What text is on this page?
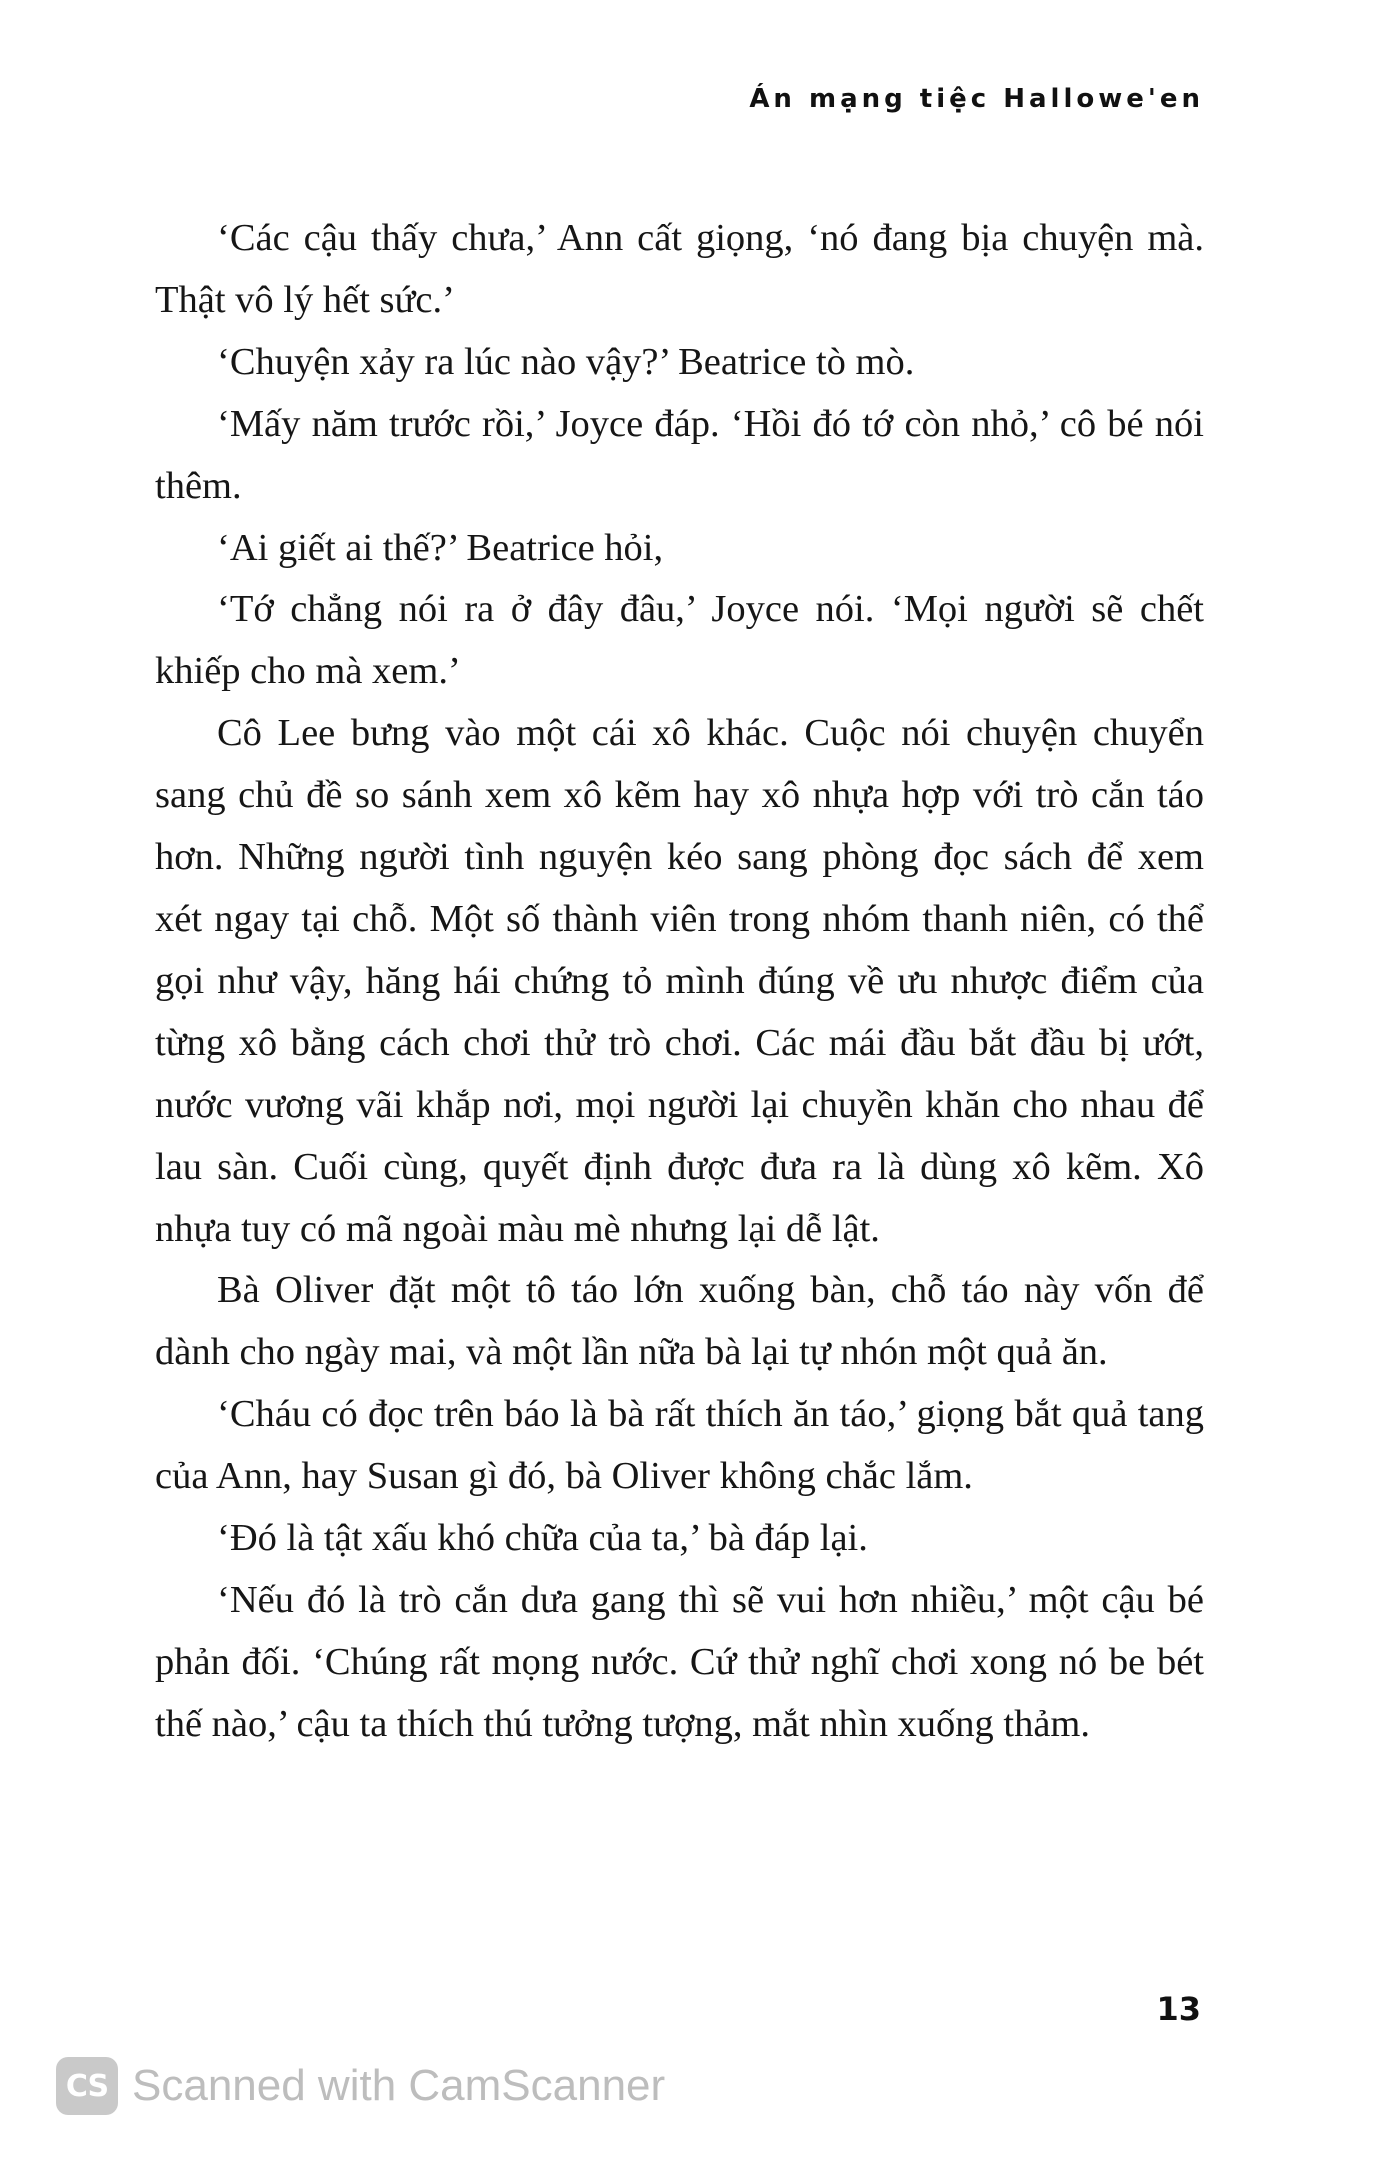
Án mạng tiệc Hallowe'en

‘Các cậu thấy chưa,’ Ann cất giọng, ‘nó đang bịa chuyện mà. Thật vô lý hết sức.’

‘Chuyện xảy ra lúc nào vậy?’ Beatrice tò mò.

‘Mấy năm trước rồi,’ Joyce đáp. ‘Hồi đó tớ còn nhỏ,’ cô bé nói thêm.

‘Ai giết ai thế?’ Beatrice hỏi,

‘Tớ chẳng nói ra ở đây đâu,’ Joyce nói. ‘Mọi người sẽ chết khiếp cho mà xem.’

Cô Lee bưng vào một cái xô khác. Cuộc nói chuyện chuyển sang chủ đề so sánh xem xô kẽm hay xô nhựa hợp với trò cắn táo hơn. Những người tình nguyện kéo sang phòng đọc sách để xem xét ngay tại chỗ. Một số thành viên trong nhóm thanh niên, có thể gọi như vậy, hăng hái chứng tỏ mình đúng về ưu nhược điểm của từng xô bằng cách chơi thử trò chơi. Các mái đầu bắt đầu bị ướt, nước vương vãi khắp nơi, mọi người lại chuyền khăn cho nhau để lau sàn. Cuối cùng, quyết định được đưa ra là dùng xô kẽm. Xô nhựa tuy có mã ngoài màu mè nhưng lại dễ lật.

Bà Oliver đặt một tô táo lớn xuống bàn, chỗ táo này vốn để dành cho ngày mai, và một lần nữa bà lại tự nhón một quả ăn.

‘Cháu có đọc trên báo là bà rất thích ăn táo,’ giọng bắt quả tang của Ann, hay Susan gì đó, bà Oliver không chắc lắm.

‘Đó là tật xấu khó chữa của ta,’ bà đáp lại.

‘Nếu đó là trò cắn dưa gang thì sẽ vui hơn nhiều,’ một cậu bé phản đối. ‘Chúng rất mọng nước. Cứ thử nghĩ chơi xong nó be bét thế nào,’ cậu ta thích thú tưởng tượng, mắt nhìn xuống thảm.

13
CS Scanned with CamScanner
